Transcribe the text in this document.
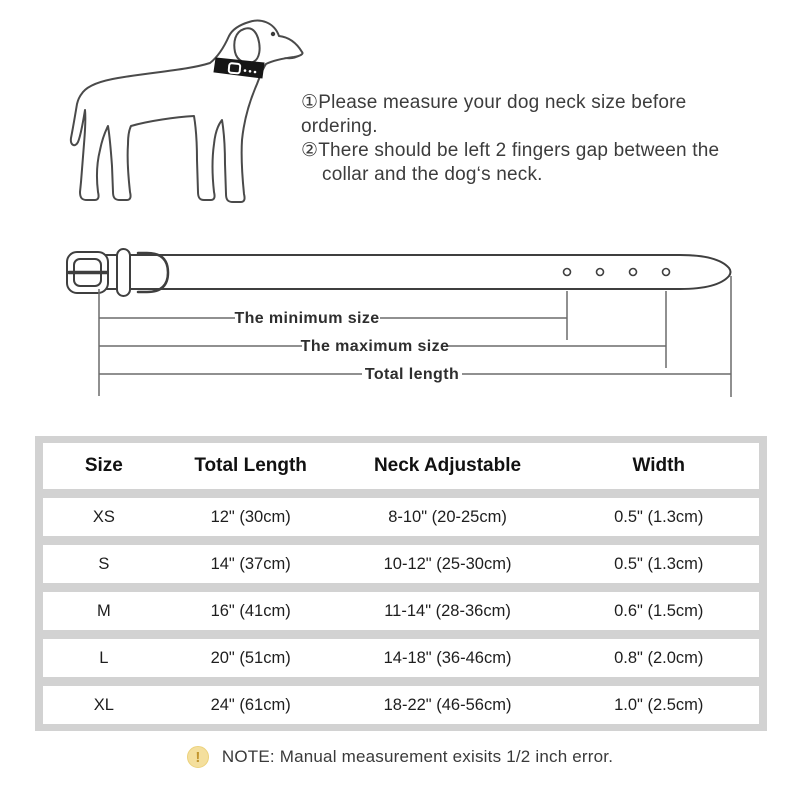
①Please measure your dog neck size before ordering.
②There should be left 2 fingers gap between the
collar and the dog‘s neck.
The minimum size
The maximum size
Total length
Size	Total Length	Neck Adjustable	Width
XS	12" (30cm)	8-10" (20-25cm)	0.5" (1.3cm)
S	14" (37cm)	10-12" (25-30cm)	0.5" (1.3cm)
M	16" (41cm)	11-14" (28-36cm)	0.6" (1.5cm)
L	20" (51cm)	14-18" (36-46cm)	0.8" (2.0cm)
XL	24" (61cm)	18-22" (46-56cm)	1.0" (2.5cm)
!	NOTE: Manual measurement exisits 1/2 inch error.
